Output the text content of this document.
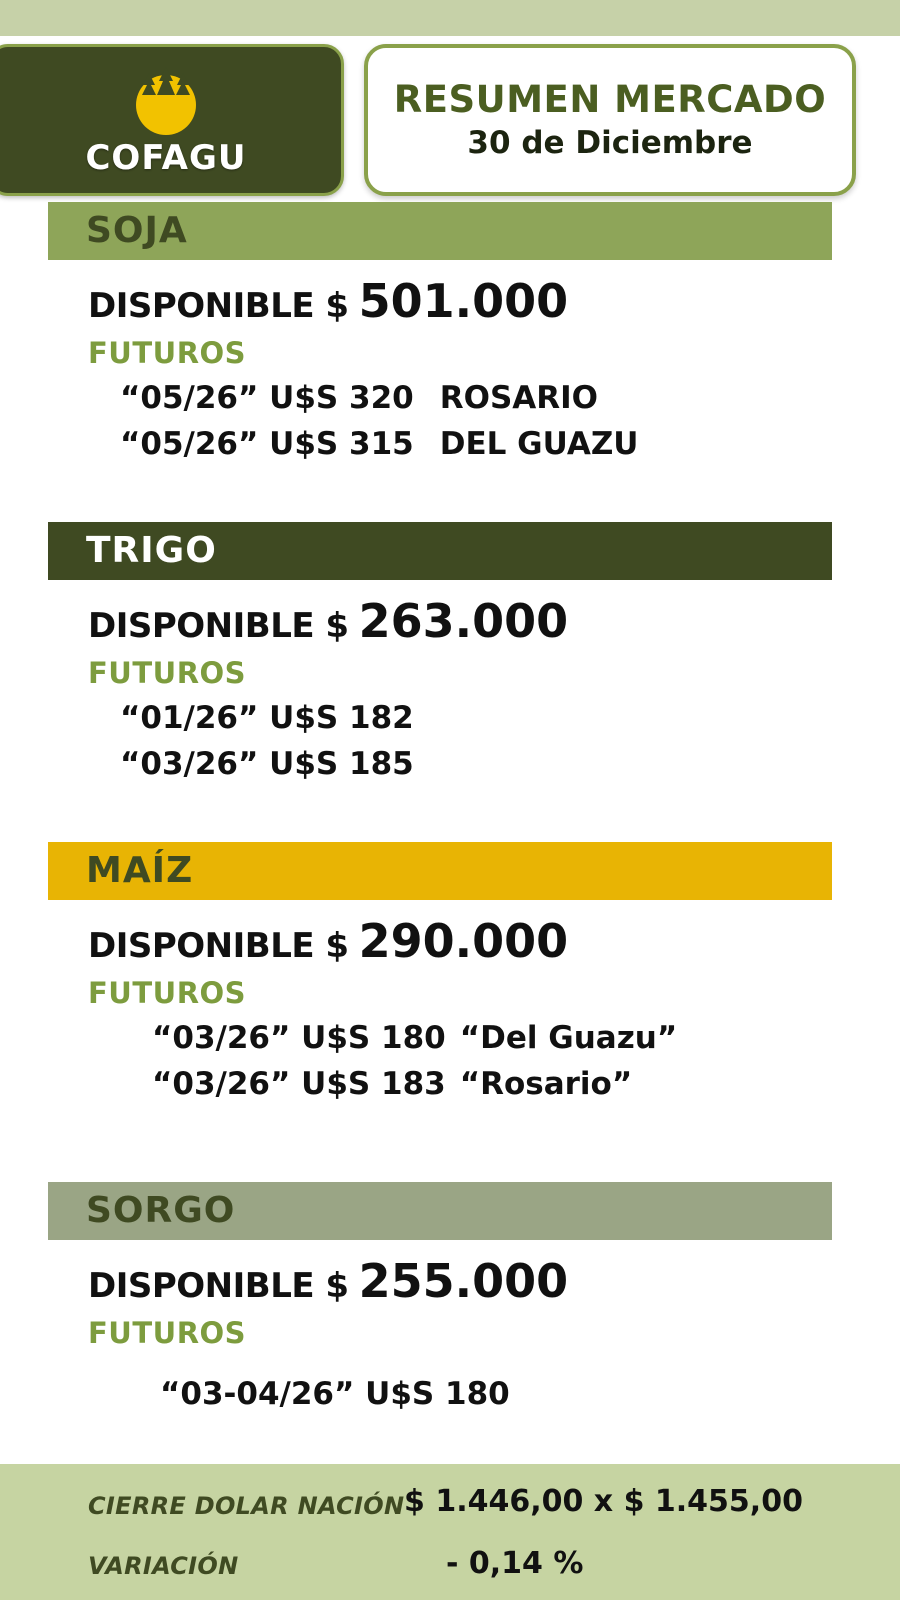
COFAGU
RESUMEN MERCADO
30 de Diciembre
SOJA
DISPONIBLE $ 501.000
FUTUROS
“05/26” U$S 320 ROSARIO
“05/26” U$S 315 DEL GUAZU
TRIGO
DISPONIBLE $ 263.000
FUTUROS
“01/26” U$S 182
“03/26” U$S 185
MAÍZ
DISPONIBLE $ 290.000
FUTUROS
“03/26” U$S 180 “Del Guazu”
“03/26” U$S 183 “Rosario”
SORGO
DISPONIBLE $ 255.000
FUTUROS
“03-04/26” U$S 180
CIERRE DOLAR NACIÓN $ 1.446,00 x $ 1.455,00
VARIACIÓN	- 0,14 %
